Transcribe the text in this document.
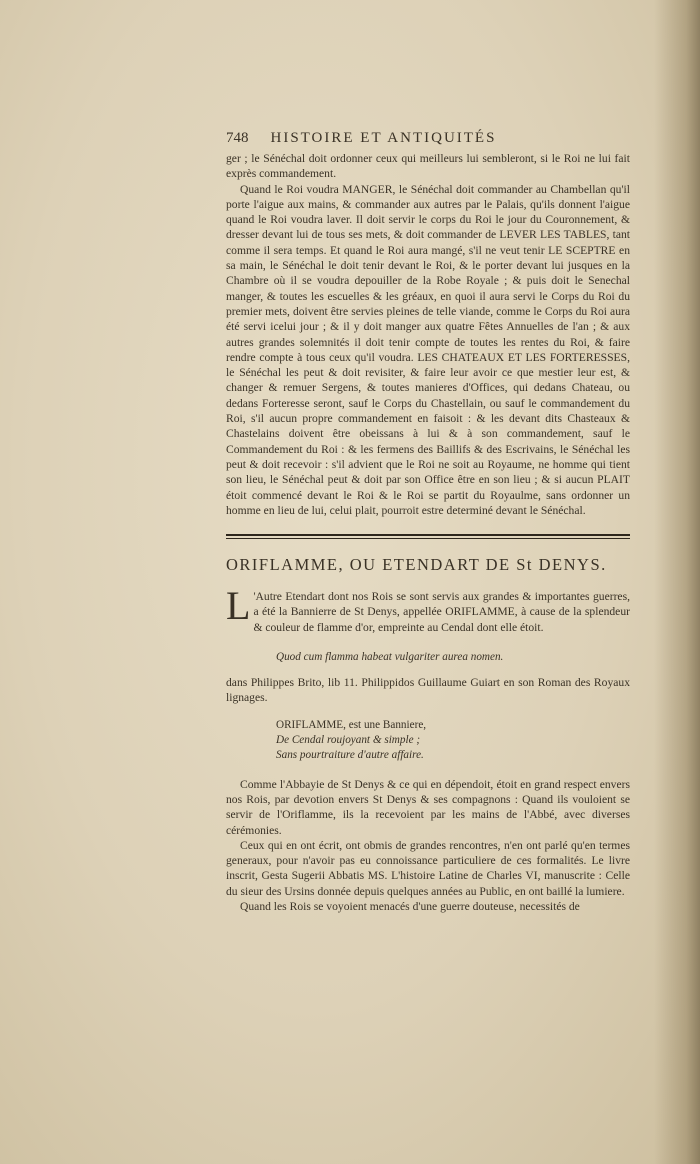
748 HISTOIRE ET ANTIQUITÉS

ger ; le Sénéchal doit ordonner ceux qui meilleurs lui sembleront, si le Roi ne lui fait exprès commandement.

Quand le Roi voudra MANGER, le Sénéchal doit commander au Chambellan qu'il porte l'aigue aux mains, & commander aux autres par le Palais, qu'ils donnent l'aigue quand le Roi voudra laver. Il doit servir le corps du Roi le jour du Couronnement, & dresser devant lui de tous ses mets, & doit commander de LEVER LES TABLES, tant comme il sera temps. Et quand le Roi aura mangé, s'il ne veut tenir LE SCEPTRE en sa main, le Sénéchal le doit tenir devant le Roi, & le porter devant lui jusques en la Chambre où il se voudra depouiller de la Robe Royale ; & puis doit le Senechal manger, & toutes les escuelles & les gréaux, en quoi il aura servi le Corps du Roi du premier mets, doivent être servies pleines de telle viande, comme le Corps du Roi aura été servi icelui jour ; & il y doit manger aux quatre Fêtes Annuelles de l'an ; & aux autres grandes solemnités il doit tenir compte de toutes les rentes du Roi, & faire rendre compte à tous ceux qu'il voudra. LES CHATEAUX ET LES FORTERESSES, le Sénéchal les peut & doit revisiter, & faire leur avoir ce que mestier leur est, & changer & remuer Sergens, & toutes manieres d'Offices, qui dedans Chateau, ou dedans Forteresse seront, sauf le Corps du Chastellain, ou sauf le commandement du Roi, s'il aucun propre commandement en faisoit : & les devant dits Chasteaux & Chastelains doivent être obeissans à lui & à son commandement, sauf le Commandement du Roi : & les fermens des Baillifs & des Escrivains, le Sénéchal les peut & doit recevoir : s'il advient que le Roi ne soit au Royaume, ne homme qui tient son lieu, le Sénéchal peut & doit par son Office être en son lieu ; & si aucun PLAIT étoit commencé devant le Roi & le Roi se partit du Royaulme, sans ordonner un homme en lieu de lui, celui plait, pourroit estre determiné devant le Sénéchal.

ORIFLAMME, OU ETENDART DE St DENYS.
L 'Autre Etendart dont nos Rois se sont servis aux grandes & importantes guerres, a été la Bannierre de St Denys, appellée ORIFLAMME, à cause de la splendeur & couleur de flamme d'or, empreinte au Cendal dont elle étoit.

Quod cum flamma habeat vulgariter aurea nomen.

dans Philippes Brito, lib 11. Philippidos Guillaume Guiart en son Roman des Royaux lignages.

ORIFLAMME, est une Banniere,
De Cendal roujoyant & simple ;
Sans pourtraiture d'autre affaire.

Comme l'Abbayie de St Denys & ce qui en dépendoit, étoit en grand respect envers nos Rois, par devotion envers St Denys & ses compagnons : Quand ils vouloient se servir de l'Oriflamme, ils la recevoient par les mains de l'Abbé, avec diverses cérémonies.

Ceux qui en ont écrit, ont obmis de grandes rencontres, n'en ont parlé qu'en termes generaux, pour n'avoir pas eu connoissance particuliere de ces formalités. Le livre inscrit, Gesta Sugerii Abbatis MS. L'histoire Latine de Charles VI, manuscrite : Celle du sieur des Ursins donnée depuis quelques années au Public, en ont baillé la lumiere.

Quand les Rois se voyoient menacés d'une guerre douteuse, necessités de
